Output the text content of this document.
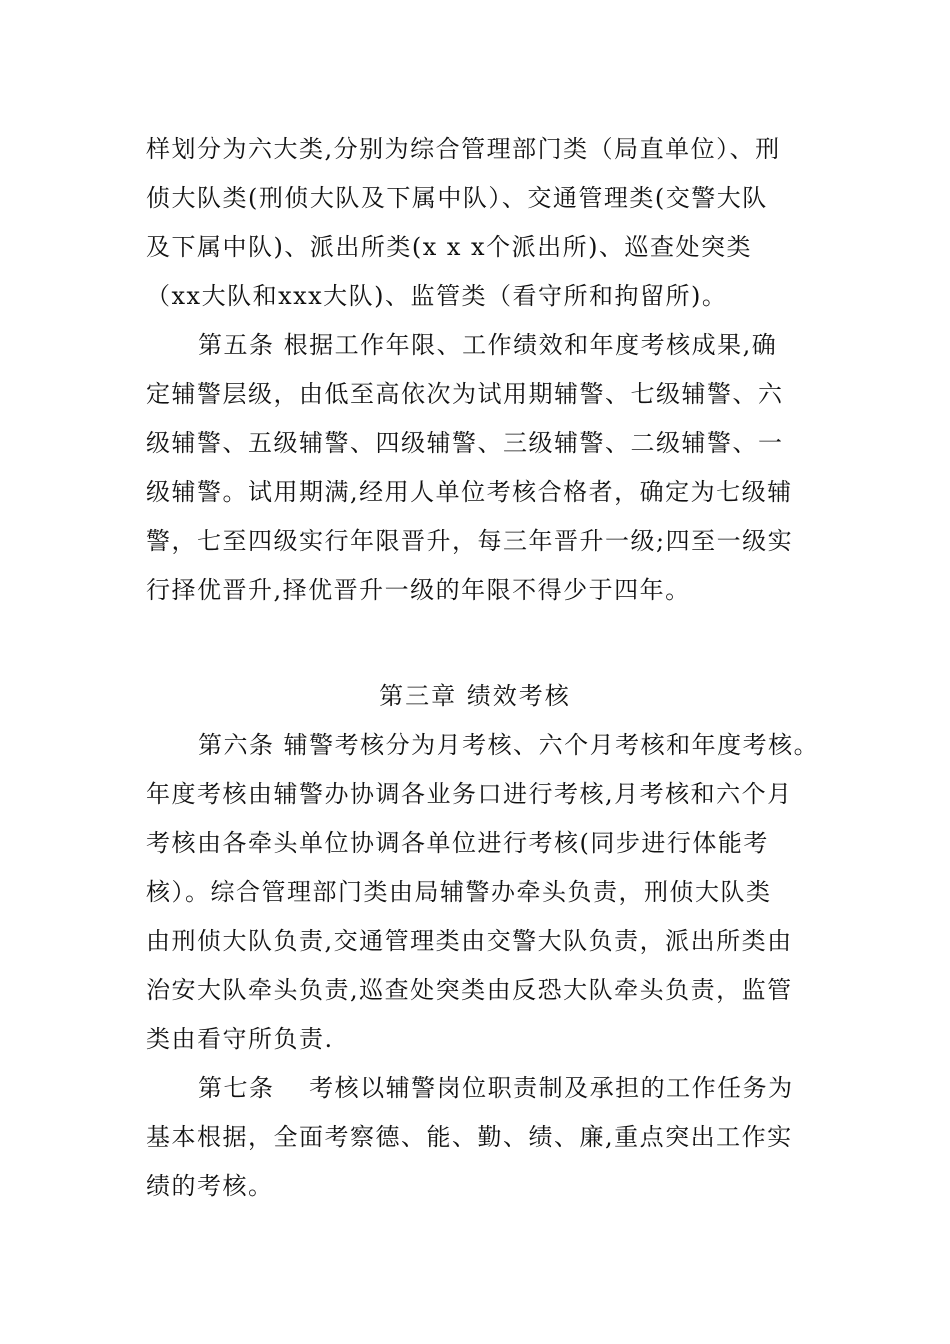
样划分为六大类,分别为综合管理部门类（局直单位）、刑
侦大队类(刑侦大队及下属中队）、交通管理类(交警大队
及下属中队)、派出所类(x x x个派出所)、巡查处突类
（xx大队和xxx大队)、监管类（看守所和拘留所)。
第五条 根据工作年限、工作绩效和年度考核成果,确
定辅警层级，由低至高依次为试用期辅警、七级辅警、六
级辅警、五级辅警、四级辅警、三级辅警、二级辅警、一
级辅警。试用期满,经用人单位考核合格者，确定为七级辅
警，七至四级实行年限晋升，每三年晋升一级;四至一级实
行择优晋升,择优晋升一级的年限不得少于四年。
第三章 绩效考核
第六条 辅警考核分为月考核、六个月考核和年度考核。
年度考核由辅警办协调各业务口进行考核,月考核和六个月
考核由各牵头单位协调各单位进行考核(同步进行体能考
核）。综合管理部门类由局辅警办牵头负责，刑侦大队类
由刑侦大队负责,交通管理类由交警大队负责，派出所类由
治安大队牵头负责,巡查处突类由反恐大队牵头负责，监管
类由看守所负责.
第七条　 考核以辅警岗位职责制及承担的工作任务为
基本根据，全面考察德、能、勤、绩、廉,重点突出工作实
绩的考核。
